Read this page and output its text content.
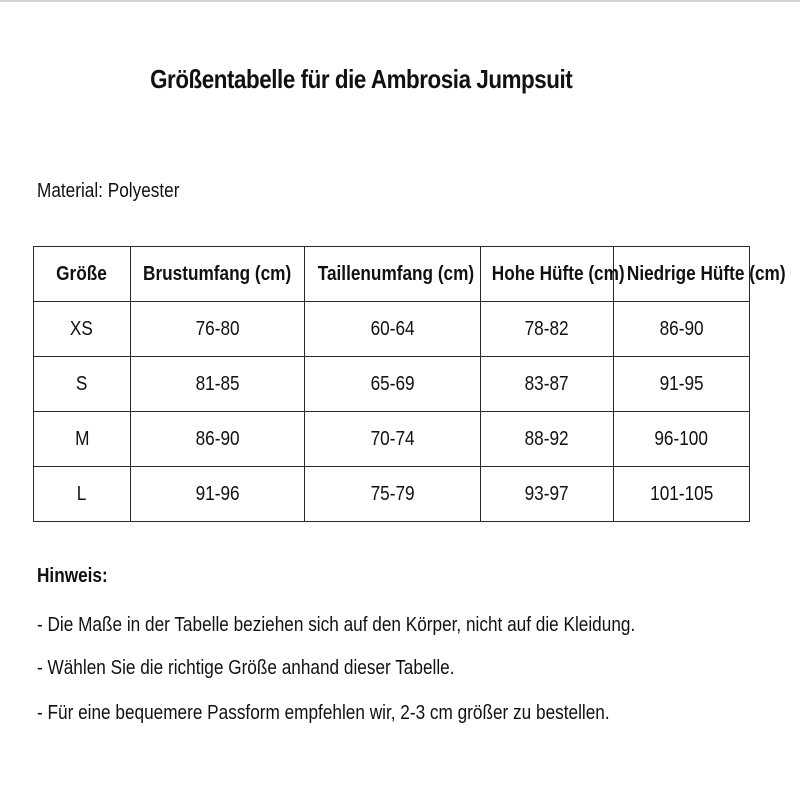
Größentabelle für die Ambrosia Jumpsuit
Material: Polyester
Größe	Brustumfang (cm)	Taillenumfang (cm)	Hohe Hüfte (cm)	Niedrige Hüfte (cm)
XS	76-80	60-64	78-82	86-90
S	81-85	65-69	83-87	91-95
M	86-90	70-74	88-92	96-100
L	91-96	75-79	93-97	101-105
Hinweis:
- Die Maße in der Tabelle beziehen sich auf den Körper, nicht auf die Kleidung.
- Wählen Sie die richtige Größe anhand dieser Tabelle.
- Für eine bequemere Passform empfehlen wir, 2-3 cm größer zu bestellen.
